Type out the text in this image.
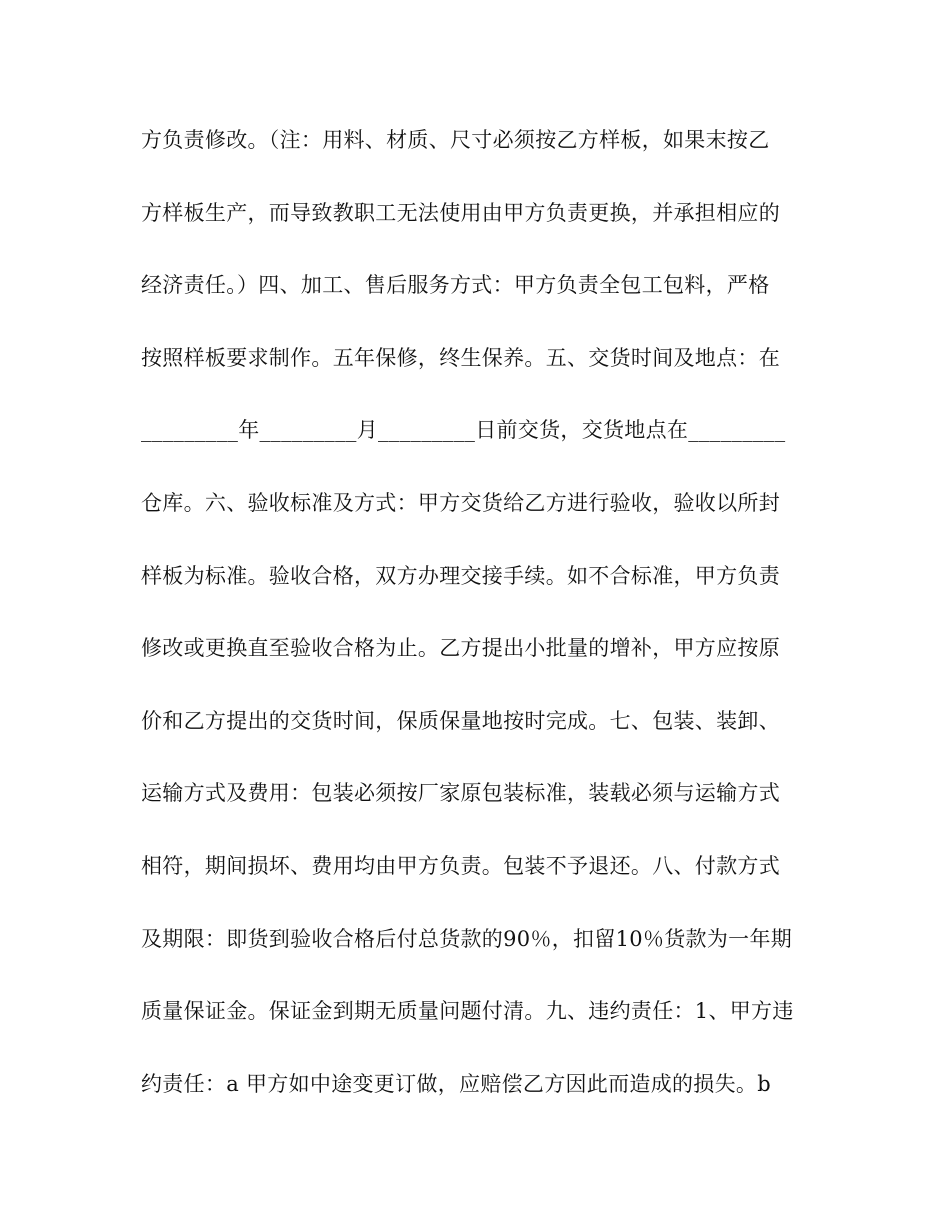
方负责修改。（注：用料、材质、尺寸必须按乙方样板，如果末按乙
方样板生产，而导致教职工无法使用由甲方负责更换，并承担相应的
经济责任。）四、加工、售后服务方式：甲方负责全包工包料，严格
按照样板要求制作。五年保修，终生保养。五、交货时间及地点：在
_________年_________月_________日前交货，交货地点在_________
仓库。六、验收标准及方式：甲方交货给乙方进行验收，验收以所封
样板为标准。验收合格，双方办理交接手续。如不合标准，甲方负责
修改或更换直至验收合格为止。乙方提出小批量的增补，甲方应按原
价和乙方提出的交货时间，保质保量地按时完成。七、包装、装卸、
运输方式及费用：包装必须按厂家原包装标准，装载必须与运输方式
相符，期间损坏、费用均由甲方负责。包装不予退还。八、付款方式
及期限：即货到验收合格后付总货款的90％，扣留10％货款为一年期
质量保证金。保证金到期无质量问题付清。九、违约责任：1、甲方违
约责任：a 甲方如中途变更订做，应赔偿乙方因此而造成的损失。b
